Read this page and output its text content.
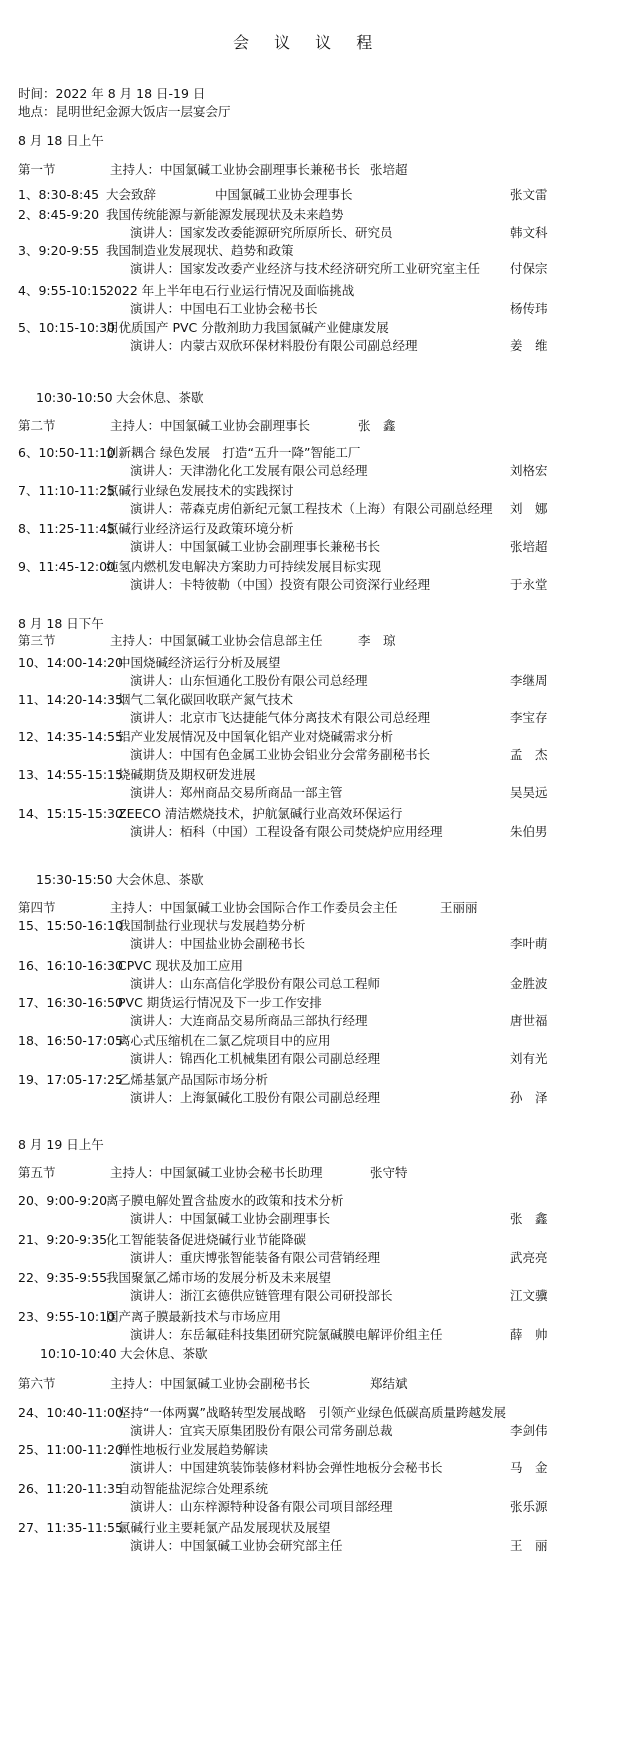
会 议 议 程
时间：2022 年 8 月 18 日-19 日
地点：昆明世纪金源大饭店一层宴会厅
8 月 18 日上午
第一节	主持人：中国氯碱工业协会副理事长兼秘书长 张培超
1、8:30-8:45 大会致辞	中国氯碱工业协会理事长	张文雷
2、8:45-9:20 我国传统能源与新能源发展现状及未来趋势
演讲人：国家发改委能源研究所原所长、研究员	韩文科
3、9:20-9:55 我国制造业发展现状、趋势和政策
演讲人：国家发改委产业经济与技术经济研究所工业研究室主任 付保宗
4、9:55-10:15
2022 年上半年电石行业运行情况及面临挑战
演讲人：中国电石工业协会秘书长	杨传玮
5、10:15-10:30
用优质国产 PVC 分散剂助力我国氯碱产业健康发展
演讲人：内蒙古双欣环保材料股份有限公司副总经理	姜　维
10:30-10:50 大会休息、茶歇
第二节	主持人：中国氯碱工业协会副理事长	张　鑫
6、10:50-11:10
创新耦合 绿色发展　打造“五升一降”智能工厂
演讲人：天津渤化化工发展有限公司总经理	刘格宏
7、11:10-11:25
氯碱行业绿色发展技术的实践探讨
演讲人：蒂森克虏伯新纪元氯工程技术（上海）有限公司副总经理 刘　娜
8、11:25-11:45
氯碱行业经济运行及政策环境分析
演讲人：中国氯碱工业协会副理事长兼秘书长	张培超
9、11:45-12:00
纯氢内燃机发电解决方案助力可持续发展目标实现
演讲人：卡特彼勒（中国）投资有限公司资深行业经理	于永堂
8 月 18 日下午
第三节	主持人：中国氯碱工业协会信息部主任	李　琼
10、14:00-14:20
中国烧碱经济运行分析及展望
演讲人：山东恒通化工股份有限公司总经理	李继周
11、14:20-14:35
烟气二氧化碳回收联产氮气技术
演讲人：北京市飞达捷能气体分离技术有限公司总经理	李宝存
12、14:35-14:55
铝产业发展情况及中国氧化铝产业对烧碱需求分析
演讲人：中国有色金属工业协会铝业分会常务副秘书长	孟　杰
13、14:55-15:15
烧碱期货及期权研发进展
演讲人：郑州商品交易所商品一部主管	吴昊远
14、15:15-15:30
ZEECO 清洁燃烧技术，护航氯碱行业高效环保运行
演讲人：栢科（中国）工程设备有限公司焚烧炉应用经理	朱伯男
15:30-15:50 大会休息、茶歇
第四节	主持人：中国氯碱工业协会国际合作工作委员会主任	王丽丽
15、15:50-16:10
我国制盐行业现状与发展趋势分析
演讲人：中国盐业协会副秘书长	李叶萌
16、16:10-16:30
CPVC 现状及加工应用
演讲人：山东高信化学股份有限公司总工程师	金胜波
17、16:30-16:50
PVC 期货运行情况及下一步工作安排
演讲人：大连商品交易所商品三部执行经理	唐世福
18、16:50-17:05
离心式压缩机在二氯乙烷项目中的应用
演讲人：锦西化工机械集团有限公司副总经理	刘有光
19、17:05-17:25
乙烯基氯产品国际市场分析
演讲人：上海氯碱化工股份有限公司副总经理	孙　泽
8 月 19 日上午
第五节	主持人：中国氯碱工业协会秘书长助理	张守特
20、9:00-9:20
离子膜电解处置含盐废水的政策和技术分析
演讲人：中国氯碱工业协会副理事长	张　鑫
21、9:20-9:35
化工智能装备促进烧碱行业节能降碳
演讲人：重庆博张智能装备有限公司营销经理	武亮亮
22、9:35-9:55
我国聚氯乙烯市场的发展分析及未来展望
演讲人：浙江玄德供应链管理有限公司研投部长	江文骥
23、9:55-10:10
国产离子膜最新技术与市场应用
演讲人：东岳氟硅科技集团研究院氯碱膜电解评价组主任	薛　帅
10:10-10:40 大会休息、茶歇
第六节	主持人：中国氯碱工业协会副秘书长	郑结斌
24、10:40-11:00
坚持“一体两翼”战略转型发展战略　引领产业绿色低碳高质量跨越发展
演讲人：宜宾天原集团股份有限公司常务副总裁	李剑伟
25、11:00-11:20
弹性地板行业发展趋势解读
演讲人：中国建筑装饰装修材料协会弹性地板分会秘书长	马　金
26、11:20-11:35
自动智能盐泥综合处理系统
演讲人：山东梓源特种设备有限公司项目部经理	张乐源
27、11:35-11:55
氯碱行业主要耗氯产品发展现状及展望
演讲人：中国氯碱工业协会研究部主任	王　丽
